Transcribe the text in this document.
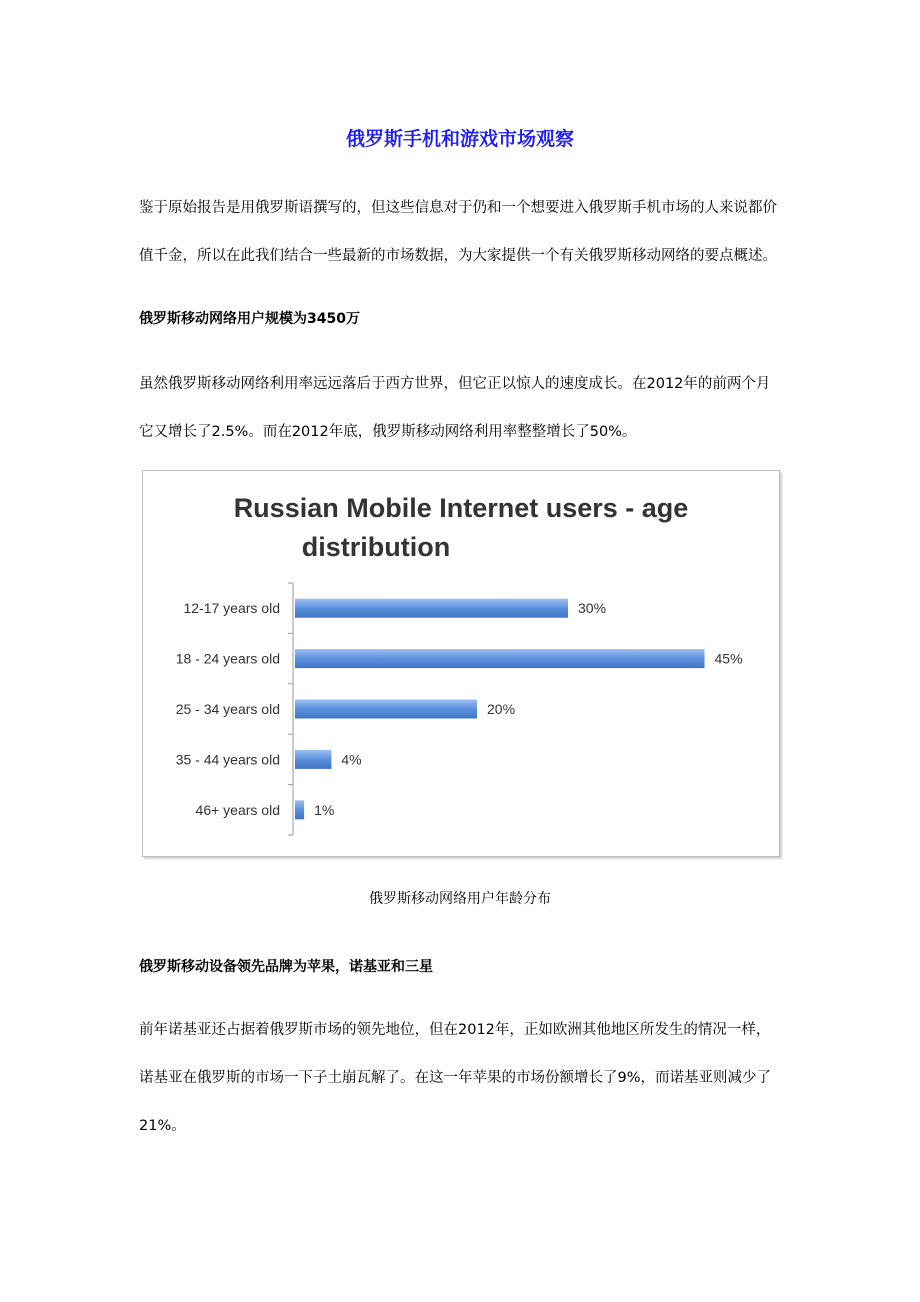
俄罗斯手机和游戏市场观察

鉴于原始报告是用俄罗斯语撰写的，但这些信息对于仍和一个想要进入俄罗斯手机市场的人来说都价

值千金，所以在此我们结合一些最新的市场数据，为大家提供一个有关俄罗斯移动网络的要点概述。

俄罗斯移动网络用户规模为3450万

虽然俄罗斯移动网络利用率远远落后于西方世界，但它正以惊人的速度成长。在2012年的前两个月

它又增长了2.5%。而在2012年底，俄罗斯移动网络利用率整整增长了50%。

Russian Mobile Internet users - age
distribution
12-17 years old	30%
18 - 24 years old	45%
25 - 34 years old	20%
35 - 44 years old	4%
46+ years old 1%
俄罗斯移动网络用户年龄分布

俄罗斯移动设备领先品牌为苹果，诺基亚和三星

前年诺基亚还占据着俄罗斯市场的领先地位，但在2012年，正如欧洲其他地区所发生的情况一样，

诺基亚在俄罗斯的市场一下子土崩瓦解了。在这一年苹果的市场份额增长了9%，而诺基亚则减少了

21%。
